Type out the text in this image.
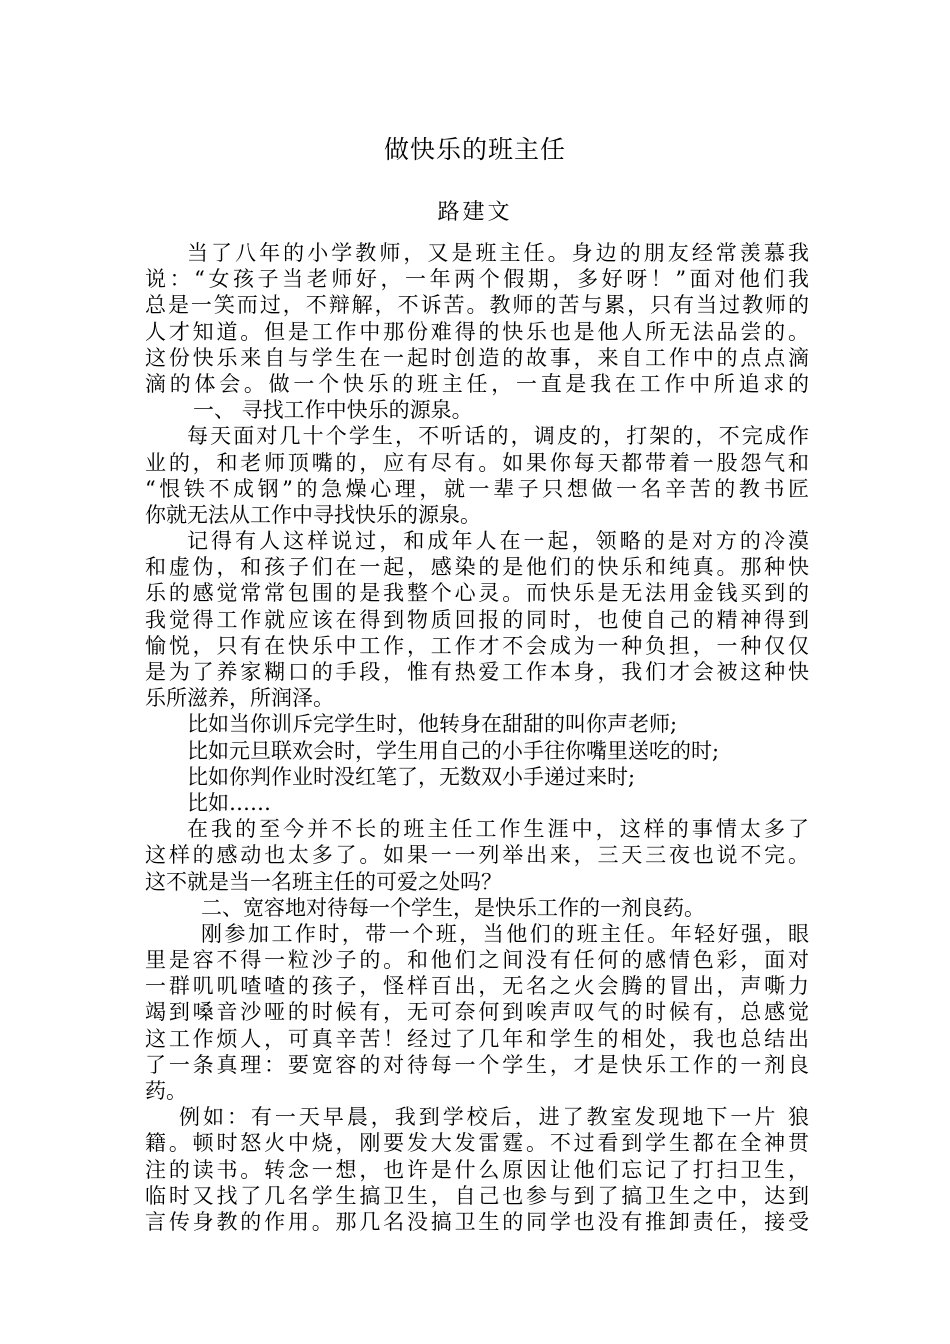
做快乐的班主任
路建文
当了八年的小学教师，又是班主任。身边的朋友经常羡慕我
说：“女孩子当老师好，一年两个假期，多好呀！”面对他们我
总是一笑而过，不辩解，不诉苦。教师的苦与累，只有当过教师的
人才知道。但是工作中那份难得的快乐也是他人所无法品尝的。
这份快乐来自与学生在一起时创造的故事，来自工作中的点点滴
滴的体会。做一个快乐的班主任，一直是我在工作中所追求的
一、 寻找工作中快乐的源泉。
每天面对几十个学生，不听话的，调皮的，打架的，不完成作
业的，和老师顶嘴的，应有尽有。如果你每天都带着一股怨气和
“恨铁不成钢”的急燥心理，就一辈子只想做一名辛苦的教书匠
你就无法从工作中寻找快乐的源泉。
记得有人这样说过，和成年人在一起，领略的是对方的冷漠
和虚伪，和孩子们在一起，感染的是他们的快乐和纯真。那种快
乐的感觉常常包围的是我整个心灵。而快乐是无法用金钱买到的
我觉得工作就应该在得到物质回报的同时，也使自己的精神得到
愉悦，只有在快乐中工作，工作才不会成为一种负担，一种仅仅
是为了养家糊口的手段，惟有热爱工作本身，我们才会被这种快
乐所滋养，所润泽。
比如当你训斥完学生时，他转身在甜甜的叫你声老师;
比如元旦联欢会时，学生用自己的小手往你嘴里送吃的时;
比如你判作业时没红笔了，无数双小手递过来时;
比如……
在我的至今并不长的班主任工作生涯中，这样的事情太多了
这样的感动也太多了。如果一一列举出来，三天三夜也说不完。
这不就是当一名班主任的可爱之处吗？
二、宽容地对待每一个学生，是快乐工作的一剂良药。
刚参加工作时，带一个班，当他们的班主任。年轻好强，眼
里是容不得一粒沙子的。和他们之间没有任何的感情色彩，面对
一群叽叽喳喳的孩子，怪样百出，无名之火会腾的冒出，声嘶力
竭到嗓音沙哑的时候有，无可奈何到唉声叹气的时候有，总感觉
这工作烦人，可真辛苦！经过了几年和学生的相处，我也总结出
了一条真理：要宽容的对待每一个学生，才是快乐工作的一剂良
药。
例如：有一天早晨，我到学校后，进了教室发现地下一片 狼
籍。顿时怒火中烧，刚要发大发雷霆。不过看到学生都在全神贯
注的读书。转念一想，也许是什么原因让他们忘记了打扫卫生，
临时又找了几名学生搞卫生，自己也参与到了搞卫生之中，达到
言传身教的作用。那几名没搞卫生的同学也没有推卸责任，接受
